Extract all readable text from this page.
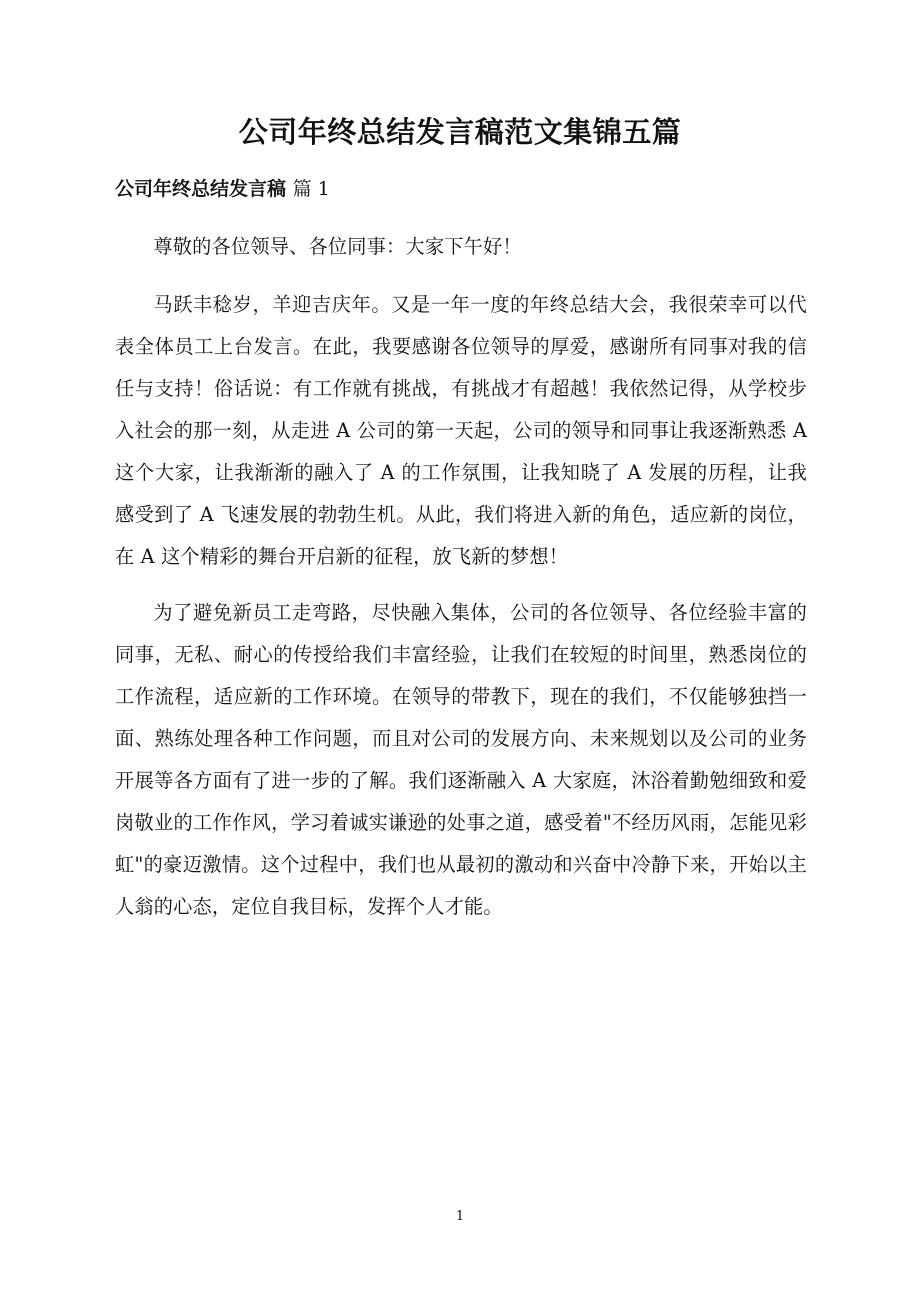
公司年终总结发言稿范文集锦五篇
公司年终总结发言稿 篇 1

尊敬的各位领导、各位同事：大家下午好！

马跃丰稔岁，羊迎吉庆年。又是一年一度的年终总结大会，我很荣幸可以代表全体员工上台发言。在此，我要感谢各位领导的厚爱，感谢所有同事对我的信任与支持！俗话说：有工作就有挑战，有挑战才有超越！我依然记得，从学校步入社会的那一刻，从走进 A 公司的第一天起，公司的领导和同事让我逐渐熟悉 A 这个大家，让我渐渐的融入了 A 的工作氛围，让我知晓了 A 发展的历程，让我感受到了 A 飞速发展的勃勃生机。从此，我们将进入新的角色，适应新的岗位，在 A 这个精彩的舞台开启新的征程，放飞新的梦想！

为了避免新员工走弯路，尽快融入集体，公司的各位领导、各位经验丰富的同事，无私、耐心的传授给我们丰富经验，让我们在较短的时间里，熟悉岗位的工作流程，适应新的工作环境。在领导的带教下，现在的我们，不仅能够独挡一面、熟练处理各种工作问题，而且对公司的发展方向、未来规划以及公司的业务开展等各方面有了进一步的了解。我们逐渐融入 A 大家庭，沐浴着勤勉细致和爱岗敬业的工作作风，学习着诚实谦逊的处事之道，感受着"不经历风雨，怎能见彩虹"的豪迈激情。这个过程中，我们也从最初的激动和兴奋中冷静下来，开始以主人翁的心态，定位自我目标，发挥个人才能。

1
